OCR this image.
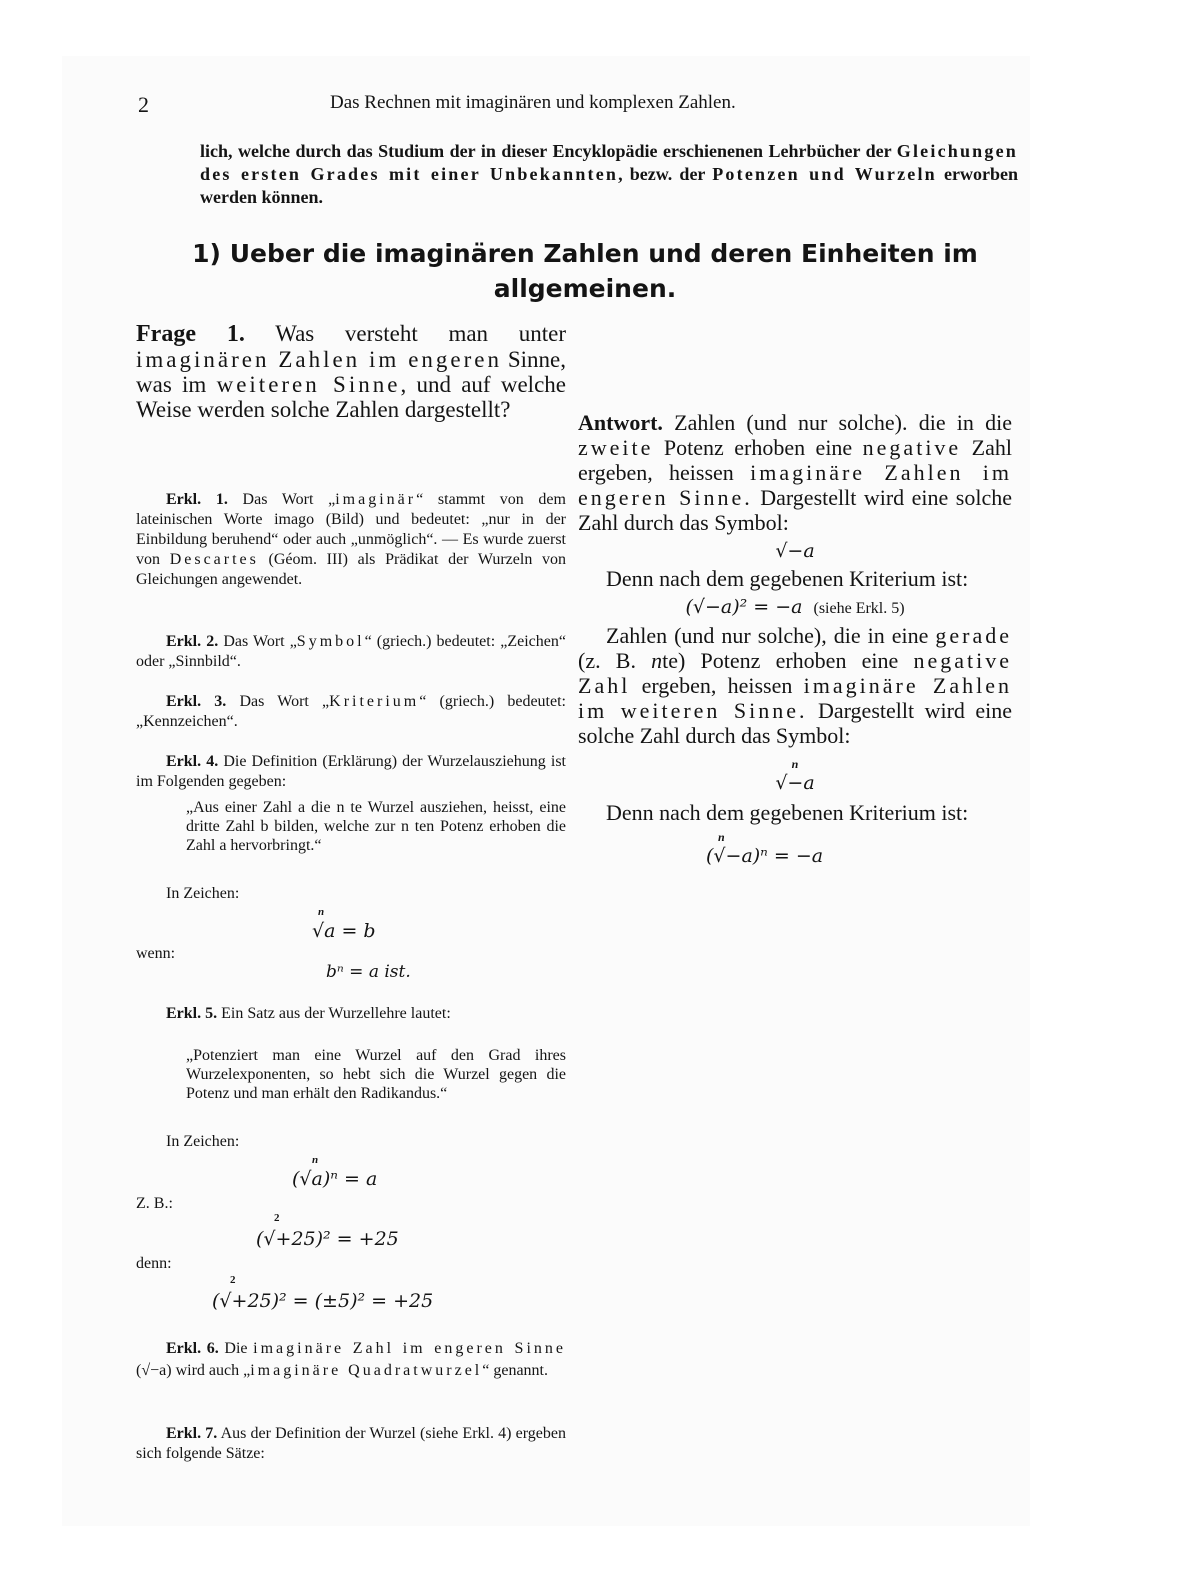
2	Das Rechnen mit imaginären und komplexen Zahlen.
lich, welche durch das Studium der in dieser Encyklopädie erschienenen Lehrbücher der Gleichungen des ersten Grades mit einer Unbekannten, bezw. der Potenzen und Wurzeln erworben werden können.
1) Ueber die imaginären Zahlen und deren Einheiten im allgemeinen.
Frage 1. Was versteht man unter imaginären Zahlen im engeren Sinne, was im weiteren Sinne, und auf welche Weise werden solche Zahlen dargestellt?
Antwort. Zahlen (und nur solche). die in die zweite Potenz erhoben eine negative Zahl ergeben, heissen imaginäre Zahlen im engeren Sinne. Dargestellt wird eine solche Zahl durch das Symbol:
√−a
Denn nach dem gegebenen Kriterium ist:
(√−a)² = −a (siehe Erkl. 5)
Zahlen (und nur solche), die in eine gerade (z. B. nte) Potenz erhoben eine negative Zahl ergeben, heissen imaginäre Zahlen im weiteren Sinne. Dargestellt wird eine solche Zahl durch das Symbol:
n
√−a
Denn nach dem gegebenen Kriterium ist:
n
(√−a)ⁿ = −a
Erkl. 1. Das Wort „imaginär“ stammt von dem lateinischen Worte imago (Bild) und bedeutet: „nur in der Einbildung beruhend“ oder auch „unmöglich“. — Es wurde zuerst von Descartes (Géom. III) als Prädikat der Wurzeln von Gleichungen angewendet.
Erkl. 2. Das Wort „Symbol“ (griech.) bedeutet: „Zeichen“ oder „Sinnbild“.
Erkl. 3. Das Wort „Kriterium“ (griech.) bedeutet: „Kennzeichen“.
Erkl. 4. Die Definition (Erklärung) der Wurzelausziehung ist im Folgenden gegeben:
„Aus einer Zahl a die n te Wurzel ausziehen, heisst, eine dritte Zahl b bilden, welche zur n ten Potenz erhoben die Zahl a hervorbringt.“
In Zeichen:
n
√a = b
wenn:
bⁿ = a ist.
Erkl. 5. Ein Satz aus der Wurzellehre lautet:
„Potenziert man eine Wurzel auf den Grad ihres Wurzelexponenten, so hebt sich die Wurzel gegen die Potenz und man erhält den Radikandus.“
In Zeichen:
n
(√a)ⁿ = a
Z. B.:
2
(√+25)² = +25
denn:
2
(√+25)² = (±5)² = +25
Erkl. 6. Die imaginäre Zahl im engeren Sinne (√−a) wird auch „imaginäre Quadratwurzel“ genannt.
Erkl. 7. Aus der Definition der Wurzel (siehe Erkl. 4) ergeben sich folgende Sätze:
